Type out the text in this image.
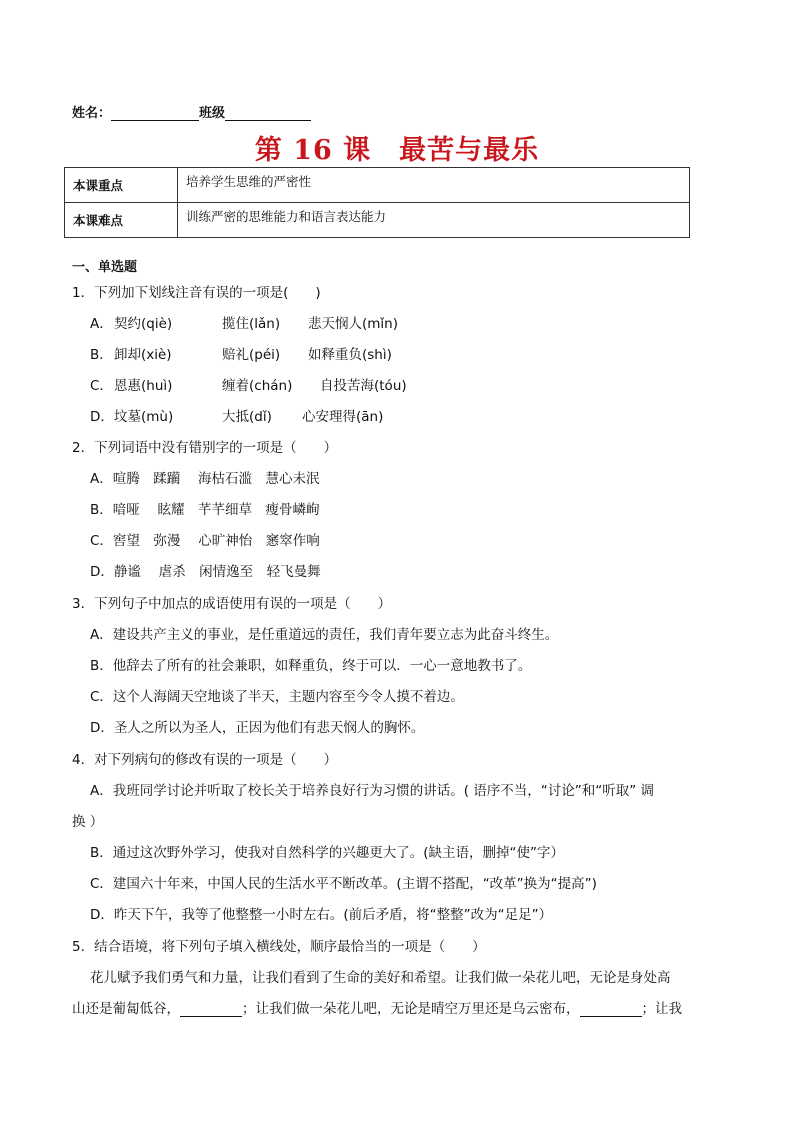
姓名：	班级
第 16 课　最苦与最乐
本课重点	培养学生思维的严密性
本课难点	训练严密的思维能力和语言表达能力
一、单选题
1．下列加下划线注音有误的一项是(　　)
A．契约(qiè)	揽住(lǎn) 悲天悯人(mǐn)
B．卸却(xiè)	赔礼(péi) 如释重负(shì)
C．恩惠(huì)	缠着(chán) 自投苦海(tóu)
D．坟墓(mù)	大抵(dǐ) 心安理得(ān)
2．下列词语中没有错别字的一项是（　　）
A．喧腾　蹂躏　 海枯石滥　慧心未泯
B．喑哑　 眩耀　芊芊细草　瘦骨嶙峋
C．窖望　弥漫　 心旷神怡　窸窣作响
D．静谧　 虐杀　闲情逸至　轻飞曼舞
3．下列句子中加点的成语使用有误的一项是（　　）
A．建设共产主义的事业，是任重道远的责任，我们青年要立志为此奋斗终生。
B．他辞去了所有的社会兼职，如释重负，终于可以．一心一意地教书了。
C．这个人海阔天空地谈了半天，主题内容至今令人摸不着边。
D．圣人之所以为圣人，正因为他们有悲天悯人的胸怀。
4．对下列病句的修改有误的一项是（　　）
A．我班同学讨论并听取了校长关于培养良好行为习惯的讲话。( 语序不当，“讨论”和“听取” 调
换 ）
B．通过这次野外学习，使我对自然科学的兴趣更大了。(缺主语，删掉“使”字）
C．建国六十年来，中国人民的生活水平不断改革。(主谓不搭配，“改革”换为“提高”)
D．昨天下午，我等了他整整一小时左右。(前后矛盾，将“整整”改为“足足”）
5．结合语境，将下列句子填入横线处，顺序最恰当的一项是（　　）
花儿赋予我们勇气和力量，让我们看到了生命的美好和希望。让我们做一朵花儿吧，无论是身处高
山还是葡匐低谷，	；让我们做一朵花儿吧，无论是晴空万里还是乌云密布，	；让我
